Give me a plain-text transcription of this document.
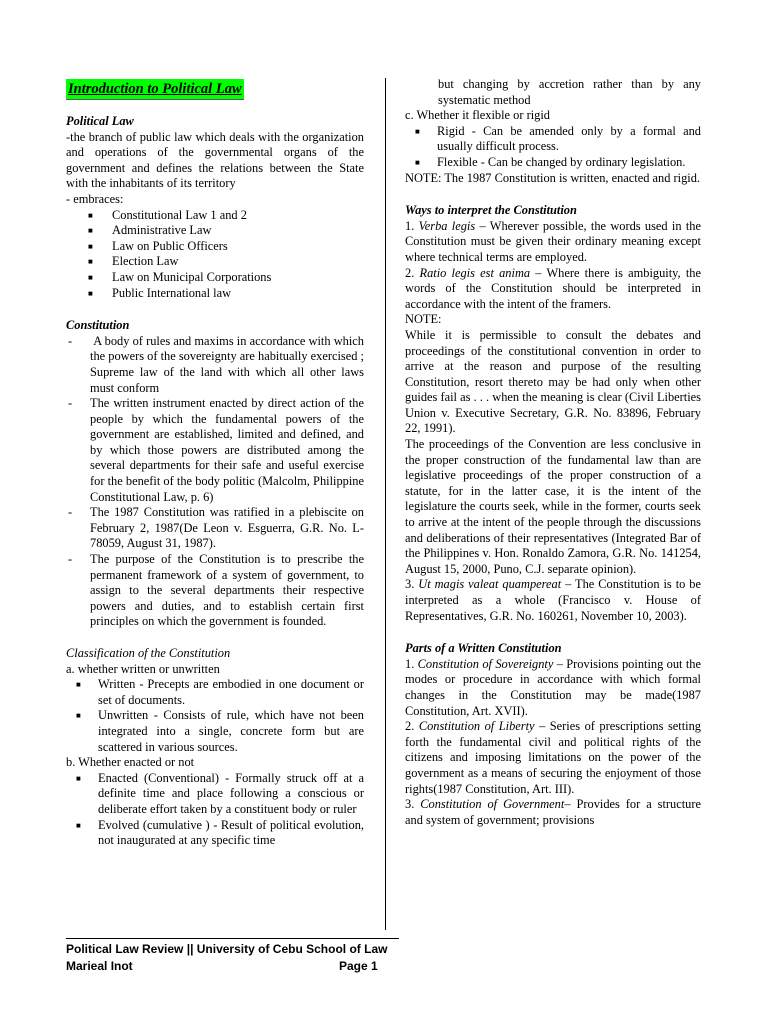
Introduction to Political Law

Political Law

-the branch of public law which deals with the organization and operations of the governmental organs of the government and defines the relations between the State with the inhabitants of its territory

- embraces:

■ Constitutional Law 1 and 2
■ Administrative Law
■ Law on Public Officers
■ Election Law
■ Law on Municipal Corporations
■ Public International law

Constitution

- A body of rules and maxims in accordance with which the powers of the sovereignty are habitually exercised ; Supreme law of the land with which all other laws must conform
- The written instrument enacted by direct action of the people by which the fundamental powers of the government are established, limited and defined, and by which those powers are distributed among the several departments for their safe and useful exercise for the benefit of the body politic (Malcolm, Philippine Constitutional Law, p. 6)
- The 1987 Constitution was ratified in a plebiscite on February 2, 1987(De Leon v. Esguerra, G.R. No. L-78059, August 31, 1987).
- The purpose of the Constitution is to prescribe the permanent framework of a system of government, to assign to the several departments their respective powers and duties, and to establish certain first principles on which the government is founded.

Classification of the Constitution

a. whether written or unwritten

■ Written - Precepts are embodied in one document or set of documents.
■ Unwritten - Consists of rule, which have not been integrated into a single, concrete form but are scattered in various sources.

b. Whether enacted or not

■ Enacted (Conventional) - Formally struck off at a definite time and place following a conscious or deliberate effort taken by a constituent body or ruler
■ Evolved (cumulative ) - Result of political evolution, not inaugurated at any specific time

but changing by accretion rather than by any systematic method

c. Whether it flexible or rigid

■ Rigid - Can be amended only by a formal and usually difficult process.
■ Flexible - Can be changed by ordinary legislation.

NOTE: The 1987 Constitution is written, enacted and rigid.

Ways to interpret the Constitution

1. Verba legis – Wherever possible, the words used in the Constitution must be given their ordinary meaning except where technical terms are employed.

2. Ratio legis est anima – Where there is ambiguity, the words of the Constitution should be interpreted in accordance with the intent of the framers.

NOTE:

While it is permissible to consult the debates and proceedings of the constitutional convention in order to arrive at the reason and purpose of the resulting Constitution, resort thereto may be had only when other guides fail as . . . when the meaning is clear (Civil Liberties Union v. Executive Secretary, G.R. No. 83896, February 22, 1991).

The proceedings of the Convention are less conclusive in the proper construction of the fundamental law than are legislative proceedings of the proper construction of a statute, for in the latter case, it is the intent of the legislature the courts seek, while in the former, courts seek to arrive at the intent of the people through the discussions and deliberations of their representatives (Integrated Bar of the Philippines v. Hon. Ronaldo Zamora, G.R. No. 141254, August 15, 2000, Puno, C.J. separate opinion).

3. Ut magis valeat quampereat – The Constitution is to be interpreted as a whole (Francisco v. House of Representatives, G.R. No. 160261, November 10, 2003).

Parts of a Written Constitution

1. Constitution of Sovereignty – Provisions pointing out the modes or procedure in accordance with which formal changes in the Constitution may be made(1987 Constitution, Art. XVII).

2. Constitution of Liberty – Series of prescriptions setting forth the fundamental civil and political rights of the citizens and imposing limitations on the power of the government as a means of securing the enjoyment of those rights(1987 Constitution, Art. III).

3. Constitution of Government– Provides for a structure and system of government; provisions

Political Law Review || University of Cebu School of Law
Marieal Inot	Page 1
